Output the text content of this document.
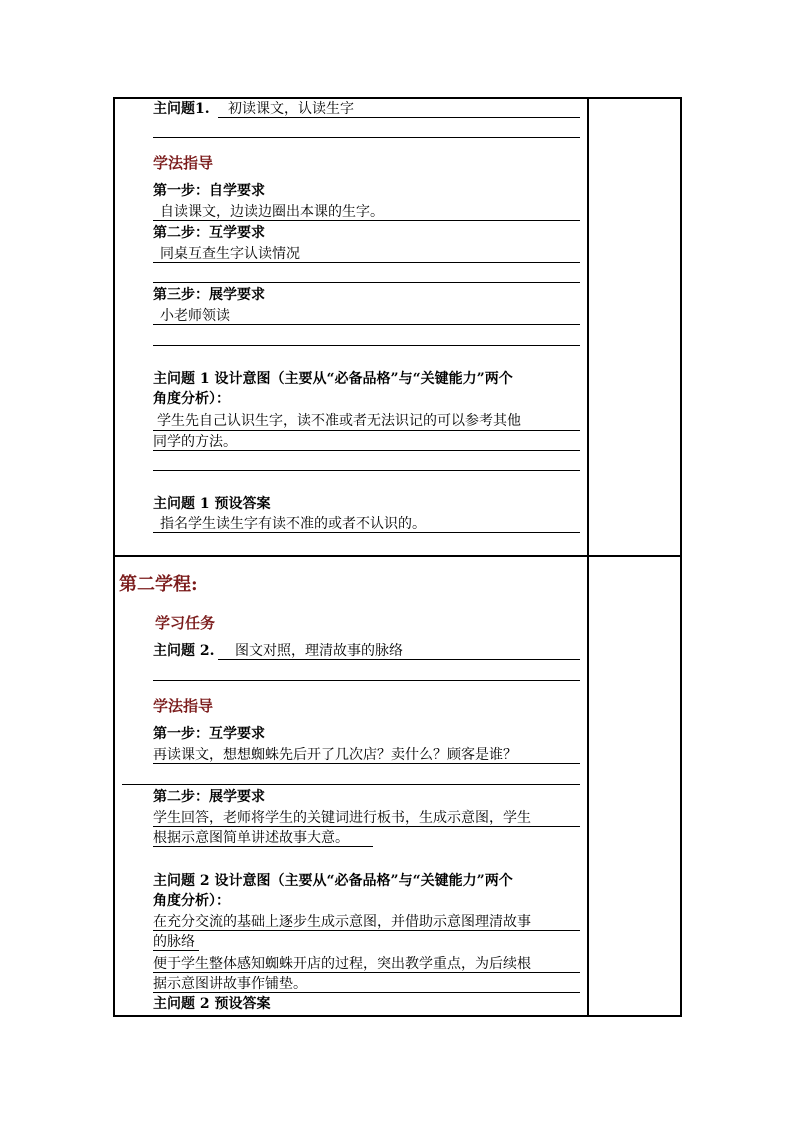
主问题1. 初读课文，认读生字
学法指导
第一步：自学要求
自读课文，边读边圈出本课的生字。
第二步：互学要求
同桌互查生字认读情况
第三步：展学要求
小老师领读
主问题 1 设计意图（主要从“必备品格”与“关键能力”两个
角度分析）：
学生先自己认识生字，读不准或者无法识记的可以参考其他
同学的方法。
主问题 1 预设答案
指名学生读生字有读不准的或者不认识的。
第二学程:
学习任务
主问题 2. 图文对照，理清故事的脉络
学法指导
第一步：互学要求
再读课文，想想蜘蛛先后开了几次店？卖什么？顾客是谁？
第二步：展学要求
学生回答，老师将学生的关键词进行板书，生成示意图，学生
根据示意图简单讲述故事大意。
主问题 2 设计意图（主要从“必备品格”与“关键能力”两个
角度分析）：
在充分交流的基础上逐步生成示意图，并借助示意图理清故事
的脉络
便于学生整体感知蜘蛛开店的过程，突出教学重点，为后续根
据示意图讲故事作铺垫。
主问题 2 预设答案
